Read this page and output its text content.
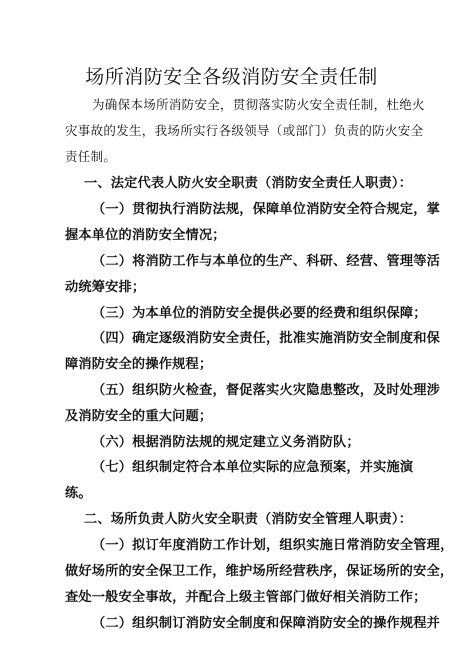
场所消防安全各级消防安全责任制
为确保本场所消防安全，贯彻落实防火安全责任制，杜绝火
灾事故的发生，我场所实行各级领导（或部门）负责的防火安全
责任制。
一、法定代表人防火安全职责（消防安全责任人职责）：
（一）贯彻执行消防法规，保障单位消防安全符合规定，掌
握本单位的消防安全情况；
（二）将消防工作与本单位的生产、科研、经营、管理等活
动统筹安排；
（三）为本单位的消防安全提供必要的经费和组织保障；
（四）确定逐级消防安全责任，批准实施消防安全制度和保
障消防安全的操作规程；
（五）组织防火检查，督促落实火灾隐患整改，及时处理涉
及消防安全的重大问题；
（六）根据消防法规的规定建立义务消防队；
（七）组织制定符合本单位实际的应急预案，并实施演
练。
二、场所负责人防火安全职责（消防安全管理人职责）：
（一）拟订年度消防工作计划，组织实施日常消防安全管理，
做好场所的安全保卫工作，维护场所经营秩序，保证场所的安全，
查处一般安全事故，并配合上级主管部门做好相关消防工作；
（二）组织制订消防安全制度和保障消防安全的操作规程并
